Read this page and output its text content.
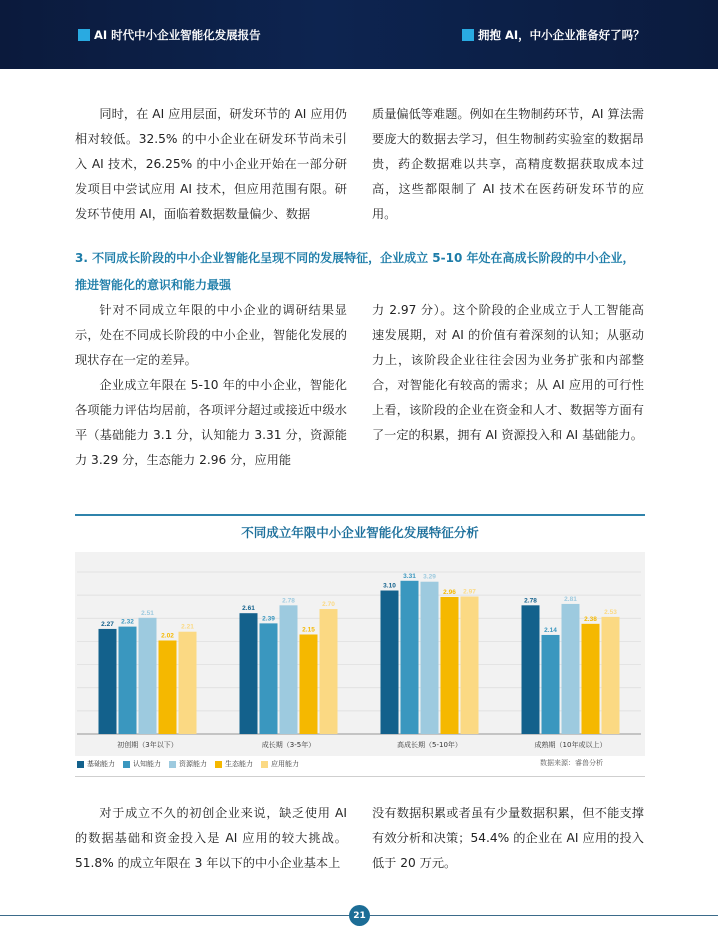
AI 时代中小企业智能化发展报告	拥抱 AI，中小企业准备好了吗？

同时，在 AI 应用层面，研发环节的 AI 应用仍相对较低。32.5% 的中小企业在研发环节尚未引入 AI 技术，26.25% 的中小企业开始在一部分研发项目中尝试应用 AI 技术，但应用范围有限。研发环节使用 AI，面临着数据数量偏少、数据

质量偏低等难题。例如在生物制药环节，AI 算法需要庞大的数据去学习，但生物制药实验室的数据昂贵，药企数据难以共享，高精度数据获取成本过高，这些都限制了 AI 技术在医药研发环节的应用。

3. 不同成长阶段的中小企业智能化呈现不同的发展特征，企业成立 5-10 年处在高成长阶段的中小企业，推进智能化的意识和能力最强

针对不同成立年限的中小企业的调研结果显示，处在不同成长阶段的中小企业，智能化发展的现状存在一定的差异。

企业成立年限在 5-10 年的中小企业，智能化各项能力评估均居前，各项评分超过或接近中级水平（基础能力 3.1 分，认知能力 3.31 分，资源能力 3.29 分，生态能力 2.96 分，应用能

力 2.97 分）。这个阶段的企业成立于人工智能高速发展期，对 AI 的价值有着深刻的认知；从驱动力上，该阶段企业往往会因为业务扩张和内部整合，对智能化有较高的需求；从 AI 应用的可行性上看，该阶段的企业在资金和人才、数据等方面有了一定的积累，拥有 AI 资源投入和 AI 基础能力。

不同成立年限中小企业智能化发展特征分析
2.27 2.32
2.51
2.02
2.21
初创期（3年以下）
2.61
2.39
2.78
2.15
2.70
成长期（3-5年）
3.10
3.31 3.29
2.96 2.97
高成长期（5-10年）
2.78
2.14
2.81
2.38
2.53
成熟期（10年或以上）
基础能力	认知能力	资源能力	生态能力	应用能力	数据来源：睿兽分析

对于成立不久的初创企业来说，缺乏使用 AI 的数据基础和资金投入是 AI 应用的较大挑战。51.8% 的成立年限在 3 年以下的中小企业基本上

没有数据积累或者虽有少量数据积累，但不能支撑有效分析和决策；54.4% 的企业在 AI 应用的投入低于 20 万元。

21
